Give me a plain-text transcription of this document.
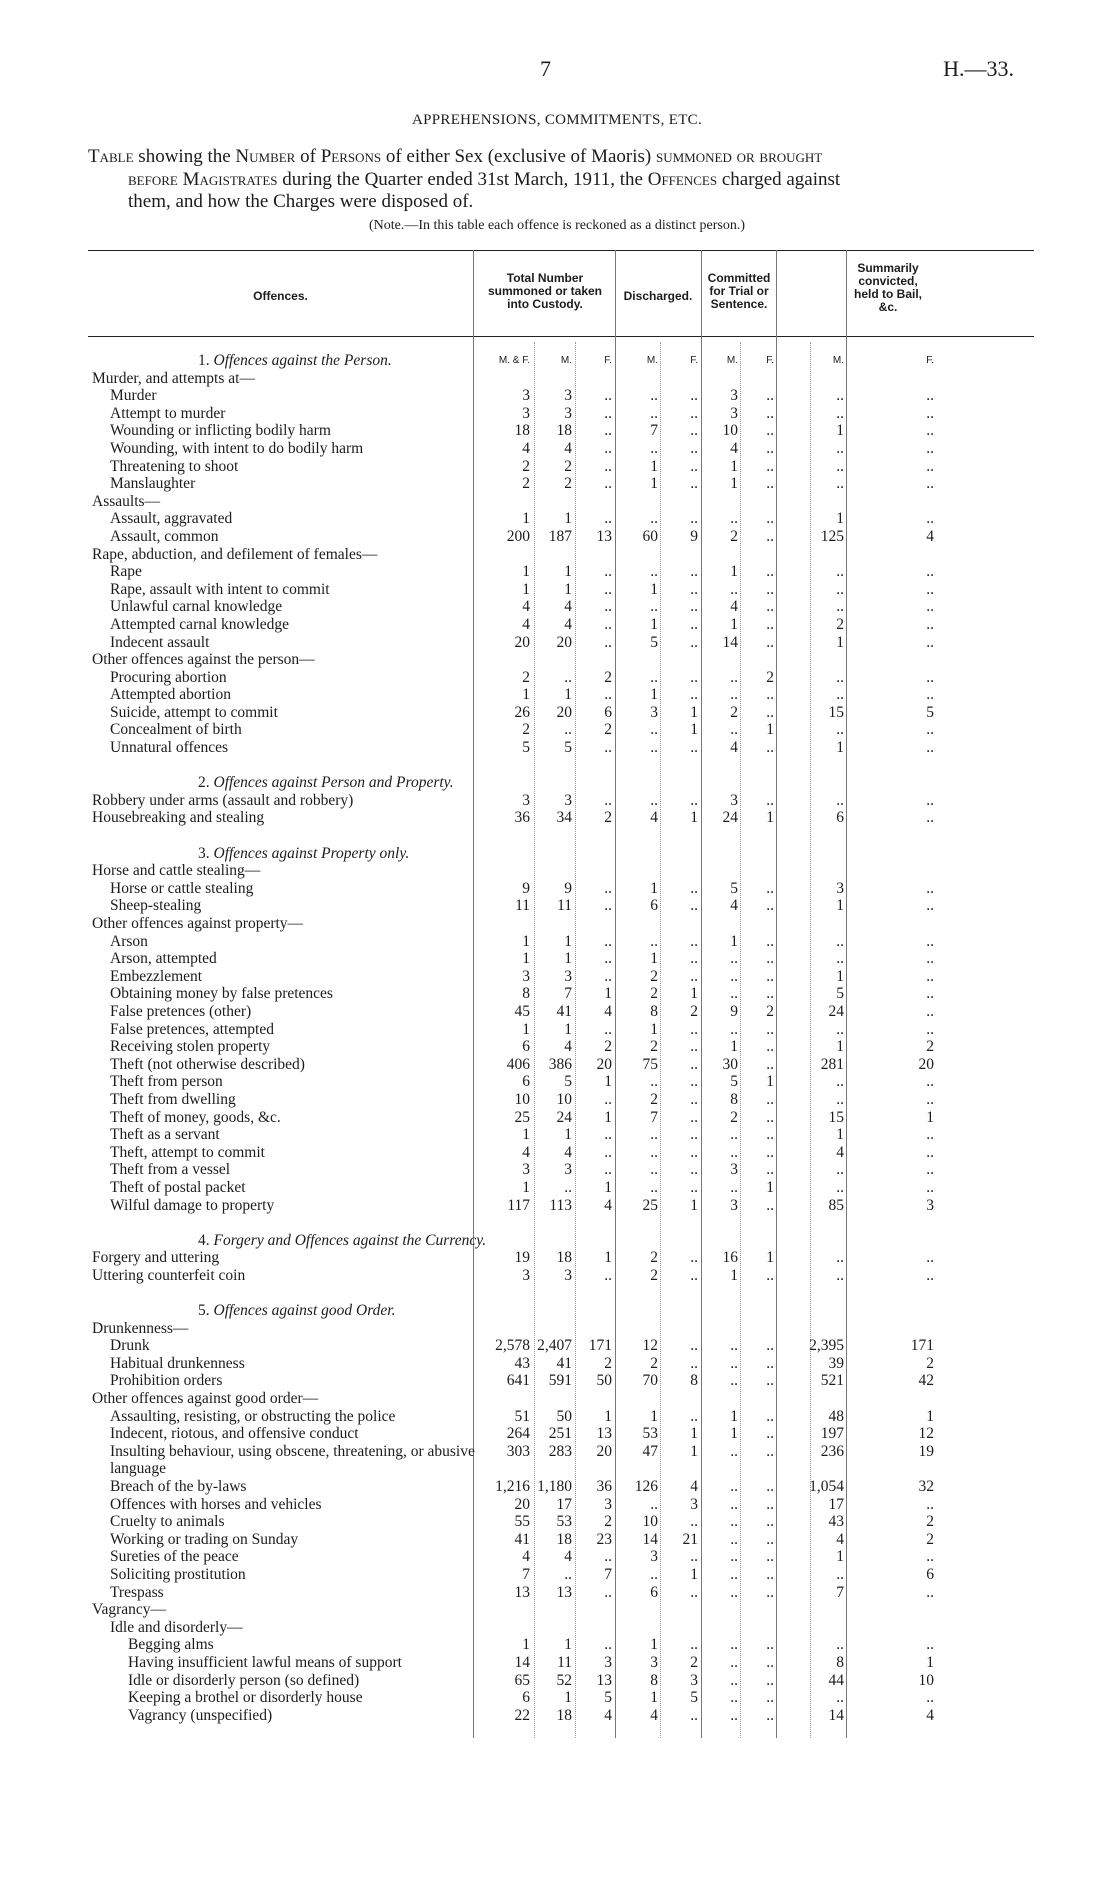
7	H.—33.
APPREHENSIONS, COMMITMENTS, ETC.
Table showing the Number of Persons of either Sex (exclusive of Maoris) summoned or brought
before Magistrates during the Quarter ended 31st March, 1911, the Offences charged against
them, and how the Charges were disposed of.
(Note.—In this table each offence is reckoned as a distinct person.)
Offences.
Total Number summoned or taken into Custody.
Discharged.
Committed for Trial or Sentence.
Summarily convicted, held to Bail, &c.
1. Offences against the Person.	M. & F.	M.	F.	M.	F.	M.	F.	M.	F.
Murder, and attempts at—
Murder	3 3 .. .. .. 3 ..	..	..
Attempt to murder	3 3 .. .. .. 3 ..	..	..
Wounding or inflicting bodily harm	18 18 .. 7 .. 10 ..	1	..
Wounding, with intent to do bodily harm	4 4 .. .. .. 4 ..	..	..
Threatening to shoot	2 2 .. 1 .. 1 ..	..	..
Manslaughter	2 2 .. 1 .. 1 ..	..	..
Assaults—
Assault, aggravated	1 1 .. .. .. .. ..	1	..
Assault, common	200 187 13 60 9 2 ..	125	4
Rape, abduction, and defilement of females—
Rape	1 1 .. .. .. 1 ..	..	..
Rape, assault with intent to commit	1 1 .. 1 .. .. ..	..	..
Unlawful carnal knowledge	4 4 .. .. .. 4 ..	..	..
Attempted carnal knowledge	4 4 .. 1 .. 1 ..	2	..
Indecent assault	20 20 .. 5 .. 14 ..	1	..
Other offences against the person—
Procuring abortion	2 .. 2 .. .. .. 2	..	..
Attempted abortion	1 1 .. 1 .. .. ..	..	..
Suicide, attempt to commit	26 20 6 3 1 2 ..	15	5
Concealment of birth	2 .. 2 .. 1 .. 1	..	..
Unnatural offences	5 5 .. .. .. 4 ..	1	..
2. Offences against Person and Property.
Robbery under arms (assault and robbery)	3 3 .. .. .. 3 ..	..	..
Housebreaking and stealing	36 34 2 4 1 24 1	6	..
3. Offences against Property only.
Horse and cattle stealing—
Horse or cattle stealing	9 9 .. 1 .. 5 ..	3	..
Sheep-stealing	11 11 .. 6 .. 4 ..	1	..
Other offences against property—
Arson	1 1 .. .. .. 1 ..	..	..
Arson, attempted	1 1 .. 1 .. .. ..	..	..
Embezzlement	3 3 .. 2 .. .. ..	1	..
Obtaining money by false pretences	8 7 1 2 1 .. ..	5	..
False pretences (other)	45 41 4 8 2 9 2	24	..
False pretences, attempted	1 1 .. 1 .. .. ..	..	..
Receiving stolen property	6 4 2 2 .. 1 ..	1	2
Theft (not otherwise described)	406 386 20 75 .. 30 ..	281	20
Theft from person	6 5 1 .. .. 5 1	..	..
Theft from dwelling	10 10 .. 2 .. 8 ..	..	..
Theft of money, goods, &c.	25 24 1 7 .. 2 ..	15	1
Theft as a servant	1 1 .. .. .. .. ..	1	..
Theft, attempt to commit	4 4 .. .. .. .. ..	4	..
Theft from a vessel	3 3 .. .. .. 3 ..	..	..
Theft of postal packet	1 .. 1 .. .. .. 1	..	..
Wilful damage to property	117 113 4 25 1 3 ..	85	3
4. Forgery and Offences against the Currency.
Forgery and uttering	19 18 1 2 .. 16 1	..	..
Uttering counterfeit coin	3 3 .. 2 .. 1 ..	..	..
5. Offences against good Order.
Drunkenness—
Drunk	2,578 2,407 171 12 .. .. .. 2,395	171
Habitual drunkenness	43 41 2 2 .. .. ..	39	2
Prohibition orders	641 591 50 70 8 .. ..	521	42
Other offences against good order—
Assaulting, resisting, or obstructing the police	51 50 1 1 .. 1 ..	48	1
Indecent, riotous, and offensive conduct	264 251 13 53 1 1 ..	197	12
Insulting behaviour, using obscene, threatening, or abusive 303 283 20 47 1 .. ..	236	19
language
Breach of the by-laws	1,216 1,180 36 126 4 .. .. 1,054	32
Offences with horses and vehicles	20 17 3 .. 3 .. ..	17	..
Cruelty to animals	55 53 2 10 .. .. ..	43	2
Working or trading on Sunday	41 18 23 14 21 .. ..	4	2
Sureties of the peace	4 4 .. 3 .. .. ..	1	..
Soliciting prostitution	7 .. 7 .. 1 .. ..	..	6
Trespass	13 13 .. 6 .. .. ..	7	..
Vagrancy—
Idle and disorderly—
Begging alms	1 1 .. 1 .. .. ..	..	..
Having insufficient lawful means of support	14 11 3 3 2 .. ..	8	1
Idle or disorderly person (so defined)	65 52 13 8 3 .. ..	44	10
Keeping a brothel or disorderly house	6 1 5 1 5 .. ..	..	..
Vagrancy (unspecified)	22 18 4 4 .. .. ..	14	4
